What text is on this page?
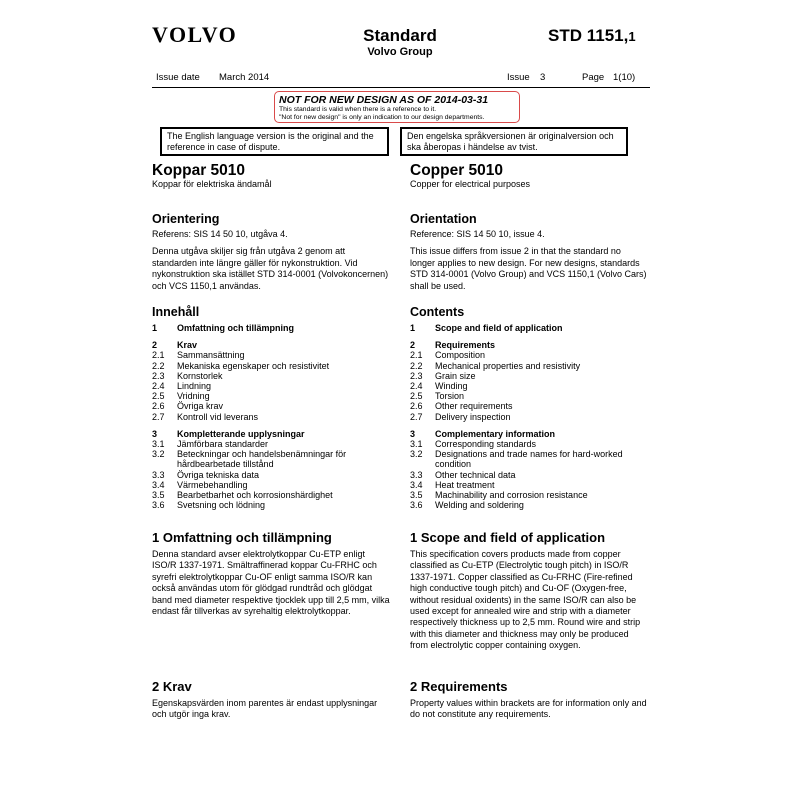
VOLVO	Standard
Volvo Group
STD 1151,1
Issue date March 2014	Issue 3	Page 1(10)
NOT FOR NEW DESIGN AS OF 2014-03-31
This standard is valid when there is a reference to it.
"Not for new design" is only an indication to our design departments.
The English language version is the original and the reference in case of dispute.
Den engelska språkversionen är originalversion och ska åberopas i händelse av tvist.
Koppar 5010
Koppar för elektriska ändamål
Orientering

Referens: SIS 14 50 10, utgåva 4.

Denna utgåva skiljer sig från utgåva 2 genom att standarden inte längre gäller för nykonstruktion. Vid nykonstruktion ska istället STD 314-0001 (Volvokoncernen) och VCS 1150,1 användas.

Innehåll
1	Omfattning och tillämpning
2	Krav
2.1	Sammansättning
2.2	Mekaniska egenskaper och resistivitet
2.3	Kornstorlek
2.4	Lindning
2.5	Vridning
2.6	Övriga krav
2.7	Kontroll vid leverans
3	Kompletterande upplysningar
3.1	Jämförbara standarder
3.2	Beteckningar och handelsbenämningar för hårdbearbetade tillstånd
3.3	Övriga tekniska data
3.4	Värmebehandling
3.5	Bearbetbarhet och korrosionshärdighet
3.6	Svetsning och lödning
1 Omfattning och tillämpning

Denna standard avser elektrolytkoppar Cu-ETP enligt ISO/R 1337-1971. Smältraffinerad koppar Cu-FRHC och syrefri elektrolytkoppar Cu-OF enligt samma ISO/R kan också användas utom för glödgad rundtråd och glödgat band med diameter respektive tjocklek upp till 2,5 mm, vilka endast får tillverkas av syrehaltig elektrolytkoppar.

2 Krav

Egenskapsvärden inom parentes är endast upplysningar och utgör inga krav.

Copper 5010
Copper for electrical purposes
Orientation

Reference: SIS 14 50 10, issue 4.

This issue differs from issue 2 in that the standard no longer applies to new design. For new designs, standards STD 314-0001 (Volvo Group) and VCS 1150,1 (Volvo Cars) shall be used.

Contents
1	Scope and field of application
2	Requirements
2.1	Composition
2.2	Mechanical properties and resistivity
2.3	Grain size
2.4	Winding
2.5	Torsion
2.6	Other requirements
2.7	Delivery inspection
3	Complementary information
3.1	Corresponding standards
3.2	Designations and trade names for hard-worked condition
3.3	Other technical data
3.4	Heat treatment
3.5	Machinability and corrosion resistance
3.6	Welding and soldering
1 Scope and field of application

This specification covers products made from copper classified as Cu-ETP (Electrolytic tough pitch) in ISO/R 1337-1971. Copper classified as Cu-FRHC (Fire-refined high conductive tough pitch) and Cu-OF (Oxygen-free, without residual oxidents) in the same ISO/R can also be used except for annealed wire and strip with a diameter respectively thickness up to 2,5 mm. Round wire and strip with this diameter and thickness may only be produced from electrolytic copper containing oxygen.

2 Requirements

Property values within brackets are for information only and do not constitute any requirements.
